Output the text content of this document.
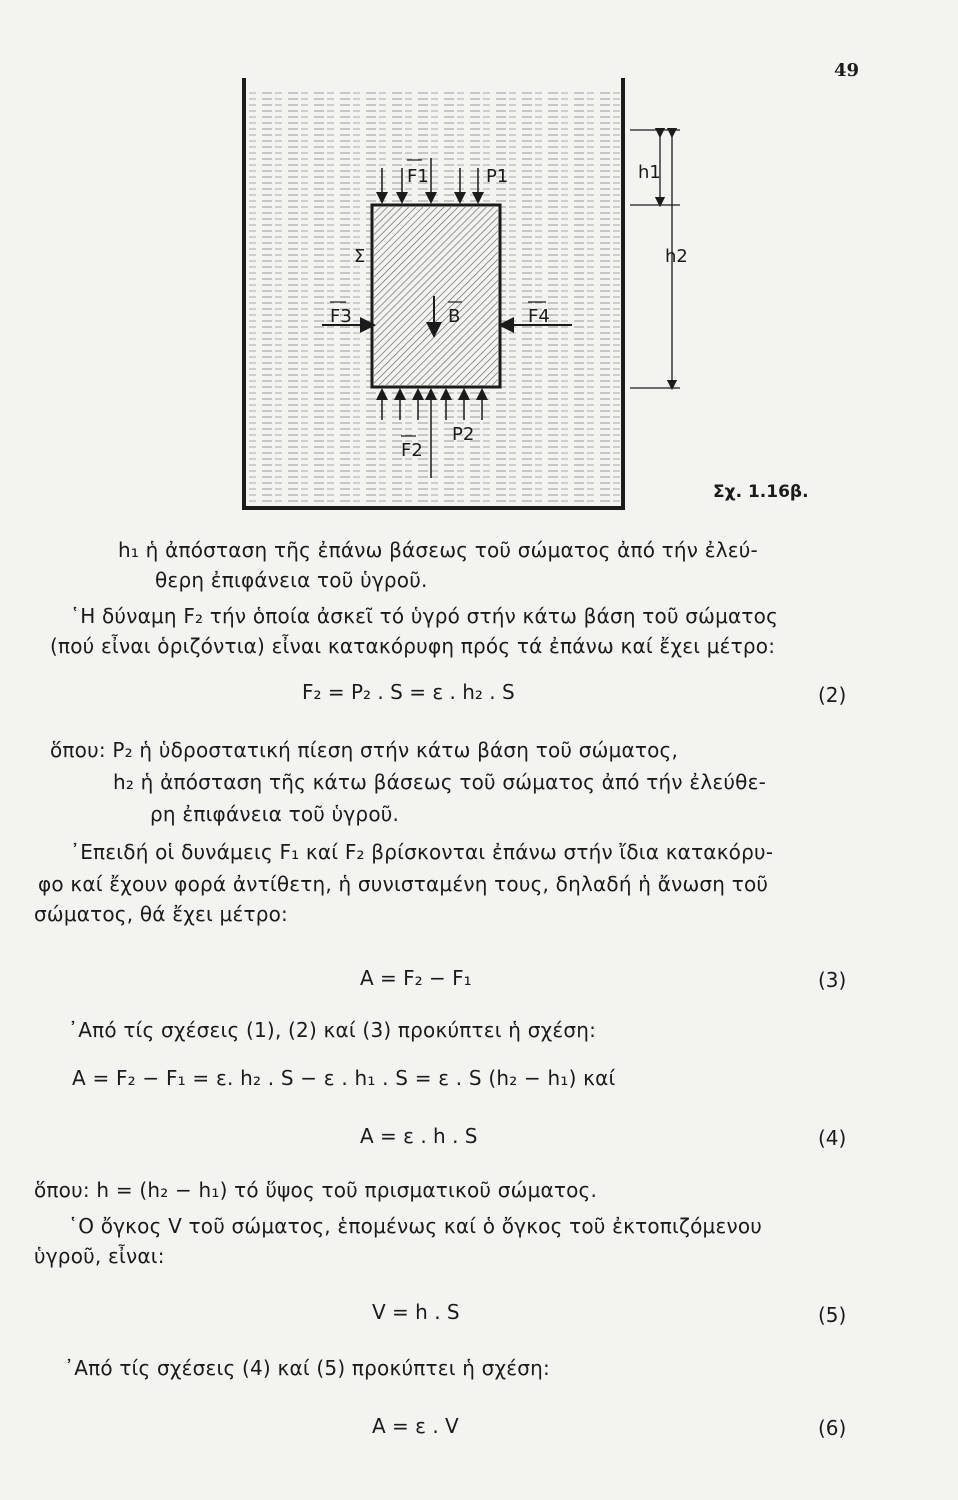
49
F1	P1	h1
h2
Σ
F3	B	F4
F2
P2
Σχ. 1.16β.
h₁ ἡ ἀπόσταση τῆς ἐπάνω βάσεως τοῦ σώματος ἀπό τήν ἐλεύ-
θερη ἐπιφάνεια τοῦ ὑγροῦ.
῾Η δύναμη F₂ τήν ὁποία ἀσκεῖ τό ὑγρό στήν κάτω βάση τοῦ σώματος
(πού εἶναι ὁριζόντια) εἶναι κατακόρυφη πρός τά ἐπάνω καί ἔχει μέτρο:
F₂ = P₂ . S = ε . h₂ . S	(2)
ὅπου: P₂ ἡ ὑδροστατική πίεση στήν κάτω βάση τοῦ σώματος,
h₂ ἡ ἀπόσταση τῆς κάτω βάσεως τοῦ σώματος ἀπό τήν ἐλεύθε-
ρη ἐπιφάνεια τοῦ ὑγροῦ.
᾿Επειδή οἱ δυνάμεις F₁ καί F₂ βρίσκονται ἐπάνω στήν ἴδια κατακόρυ-
φο καί ἔχουν φορά ἀντίθετη, ἡ συνισταμένη τους, δηλαδή ἡ ἄνωση τοῦ
σώματος, θά ἔχει μέτρο:
A = F₂ − F₁	(3)
᾿Από τίς σχέσεις (1), (2) καί (3) προκύπτει ἡ σχέση:
A = F₂ − F₁ = ε. h₂ . S − ε . h₁ . S = ε . S (h₂ − h₁) καί
A = ε . h . S	(4)
ὅπου: h = (h₂ − h₁) τό ὕψος τοῦ πρισματικοῦ σώματος.
῾Ο ὄγκος V τοῦ σώματος, ἑπομένως καί ὁ ὄγκος τοῦ ἐκτοπιζόμενου
ὑγροῦ, εἶναι:
V = h . S	(5)
᾿Από τίς σχέσεις (4) καί (5) προκύπτει ἡ σχέση:
A = ε . V	(6)
